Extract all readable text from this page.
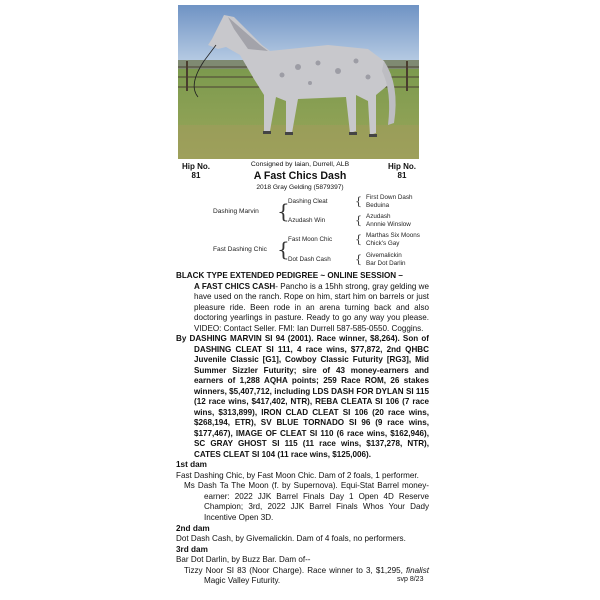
Hip No.
81
Hip No.
81
Consigned by Iaian, Durrell, ALB
A Fast Chics Dash
2018 Gray Gelding (5879397)
Dashing Marvin {
Dashing Cleat
Azudash Win
{ First Down Dash
Beduina
{ Azudash
Annnie Winslow
Fast Dashing Chic {
Fast Moon Chic
Dot Dash Cash
{ Marthas Six Moons
Chick's Gay
{ Givemalickin
Bar Dot Darlin

BLACK TYPE EXTENDED PEDIGREE ~ ONLINE SESSION –

A FAST CHICS CASH- Pancho is a 15hh strong, gray gelding we have used on the ranch. Rope on him, start him on barrels or just pleasure ride. Been rode in an arena turning back and also doctoring yearlings in pasture. Ready to go any way you please. VIDEO: Contact Seller. FMI: Ian Durrell 587-585-0550. Coggins.

By DASHING MARVIN SI 94 (2001). Race winner, $8,264). Son of DASHING CLEAT SI 111, 4 race wins, $77,872, 2nd QHBC Juvenile Classic [G1], Cowboy Classic Futurity [RG3], Mid Summer Sizzler Futurity; sire of 43 money-earners and earners of 1,288 AQHA points; 259 Race ROM, 26 stakes winners, $5,407,712, including LDS DASH FOR DYLAN SI 115 (12 race wins, $417,402, NTR), REBA CLEATA SI 106 (7 race wins, $313,899), IRON CLAD CLEAT SI 106 (20 race wins, $268,194, ETR), SV BLUE TORNADO SI 96 (9 race wins, $177,467), IMAGE OF CLEAT SI 110 (6 race wins, $162,946), SC GRAY GHOST SI 115 (11 race wins, $137,278, NTR), CATES CLEAT SI 104 (11 race wins, $125,006).

1st dam

Fast Dashing Chic, by Fast Moon Chic. Dam of 2 foals, 1 performer.

Ms Dash Ta The Moon (f. by Supernova). Equi-Stat Barrel money-earner: 2022 JJK Barrel Finals Day 1 Open 4D Reserve Champion; 3rd, 2022 JJK Barrel Finals Whos Your Dady Incentive Open 3D.

2nd dam

Dot Dash Cash, by Givemalickin. Dam of 4 foals, no performers.

3rd dam

Bar Dot Darlin, by Buzz Bar. Dam of--

Tizzy Noor SI 83 (Noor Charge). Race winner to 3, $1,295, finalist Magic Valley Futurity.	svp 8/23
